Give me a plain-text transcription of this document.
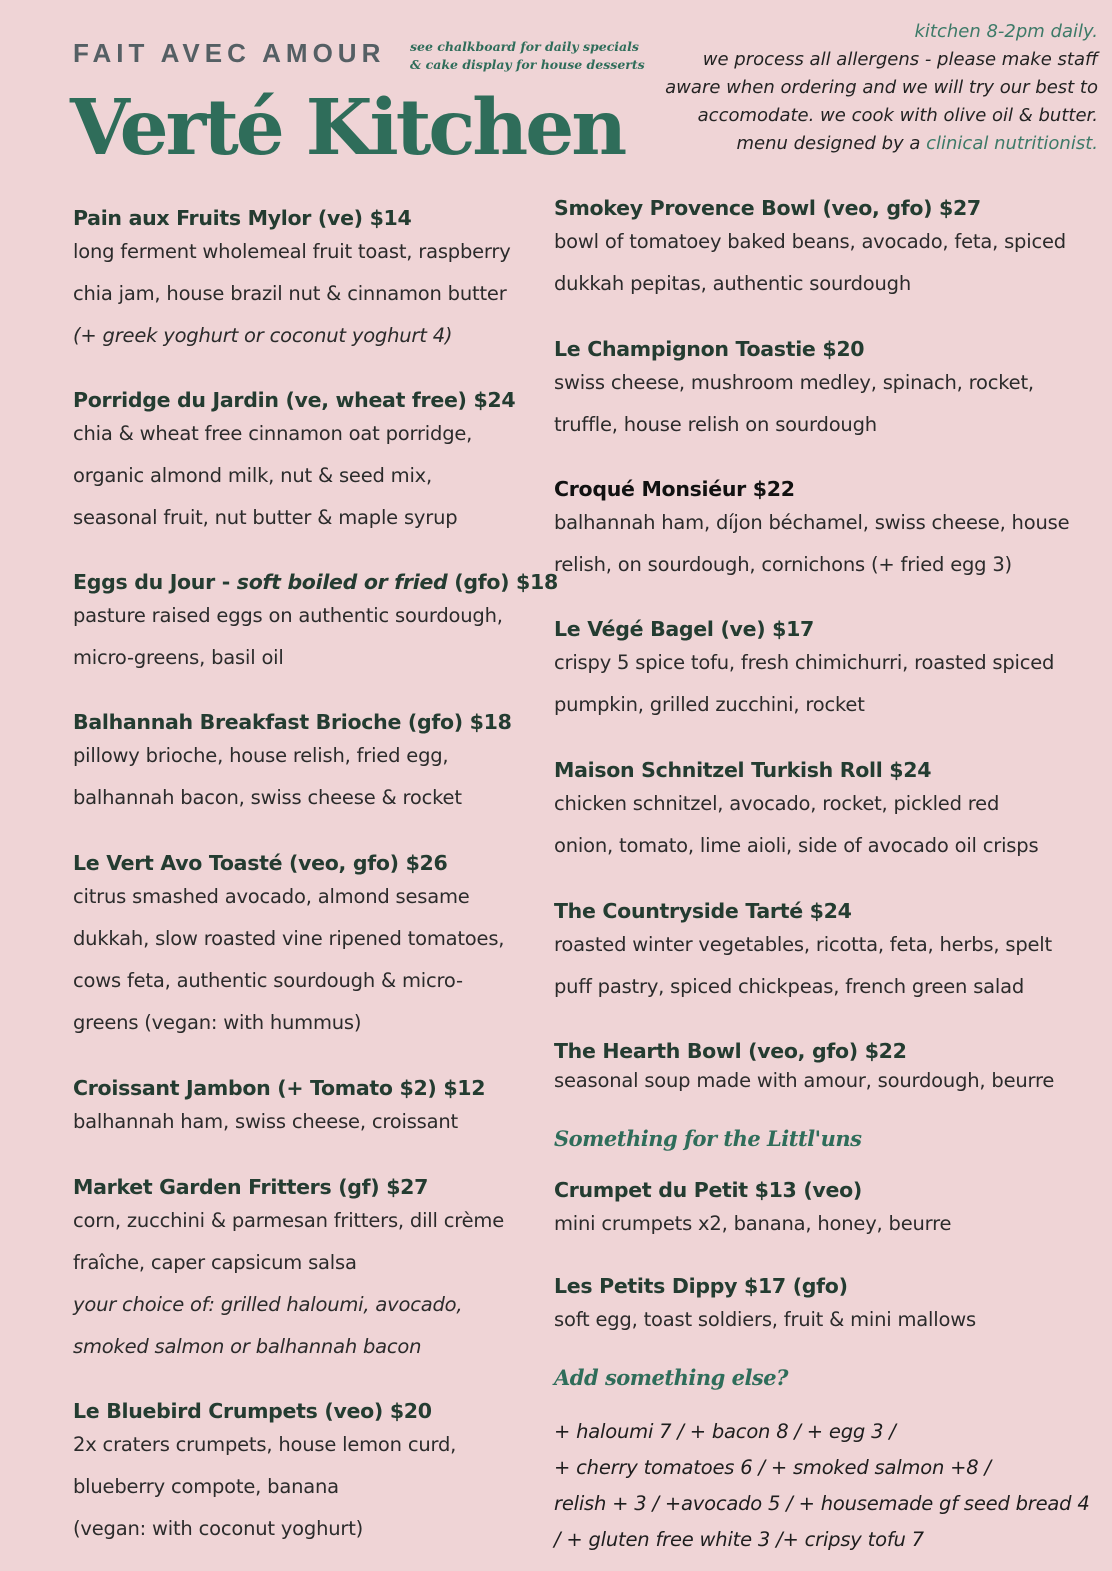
FAIT AVEC AMOUR see chalkboard for daily specials
& cake display for house desserts
Verté Kitchen
kitchen 8-2pm daily.
we process all allergens - please make staff
aware when ordering and we will try our best to
accomodate. we cook with olive oil & butter.
menu designed by a clinical nutritionist.
Pain aux Fruits Mylor (ve) $14
long ferment wholemeal fruit toast, raspberry
chia jam, house brazil nut & cinnamon butter
(+ greek yoghurt or coconut yoghurt 4)
Porridge du Jardin (ve, wheat free) $24
chia & wheat free cinnamon oat porridge,
organic almond milk, nut & seed mix,
seasonal fruit, nut butter & maple syrup
Eggs du Jour - soft boiled or fried (gfo) $18
pasture raised eggs on authentic sourdough,
micro-greens, basil oil
Balhannah Breakfast Brioche (gfo) $18
pillowy brioche, house relish, fried egg,
balhannah bacon, swiss cheese & rocket
Le Vert Avo Toasté (veo, gfo) $26
citrus smashed avocado, almond sesame
dukkah, slow roasted vine ripened tomatoes,
cows feta, authentic sourdough & micro-
greens (vegan: with hummus)
Croissant Jambon (+ Tomato $2) $12
balhannah ham, swiss cheese, croissant
Market Garden Fritters (gf) $27
corn, zucchini & parmesan fritters, dill crème
fraîche, caper capsicum salsa
your choice of: grilled haloumi, avocado,
smoked salmon or balhannah bacon
Le Bluebird Crumpets (veo) $20
2x craters crumpets, house lemon curd,
blueberry compote, banana
(vegan: with coconut yoghurt)
Smokey Provence Bowl (veo, gfo) $27
bowl of tomatoey baked beans, avocado, feta, spiced
dukkah pepitas, authentic sourdough
Le Champignon Toastie $20
swiss cheese, mushroom medley, spinach, rocket,
truffle, house relish on sourdough
Croqué Monsiéur $22
balhannah ham, díjon béchamel, swiss cheese, house
relish, on sourdough, cornichons (+ fried egg 3)
Le Végé Bagel (ve) $17
crispy 5 spice tofu, fresh chimichurri, roasted spiced
pumpkin, grilled zucchini, rocket
Maison Schnitzel Turkish Roll $24
chicken schnitzel, avocado, rocket, pickled red
onion, tomato, lime aioli, side of avocado oil crisps
The Countryside Tarté $24
roasted winter vegetables, ricotta, feta, herbs, spelt
puff pastry, spiced chickpeas, french green salad
The Hearth Bowl (veo, gfo) $22
seasonal soup made with amour, sourdough, beurre
Something for the Littl'uns
Crumpet du Petit $13 (veo)
mini crumpets x2, banana, honey, beurre
Les Petits Dippy $17 (gfo)
soft egg, toast soldiers, fruit & mini mallows
Add something else?
+ haloumi 7 / + bacon 8 / + egg 3 /
+ cherry tomatoes 6 / + smoked salmon +8 /
relish + 3 / +avocado 5 / + housemade gf seed bread 4
/ + gluten free white 3 /+ cripsy tofu 7
